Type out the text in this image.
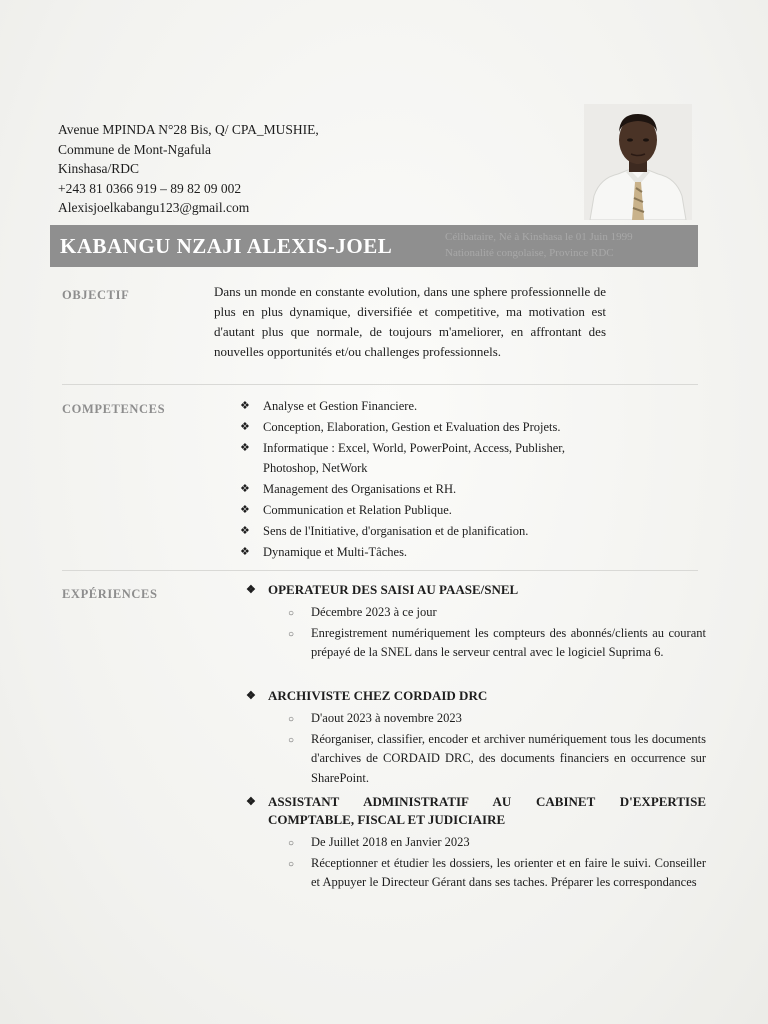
Avenue MPINDA N°28 Bis, Q/ CPA_MUSHIE,
Commune de Mont-Ngafula
Kinshasa/RDC
+243 81 0366 919 – 89 82 09 002
Alexisjoelkabangu123@gmail.com
KABANGU NZAJI ALEXIS-JOEL	Célibataire, Né à Kinshasa le 01 Juin 1999
Nationalité congolaise, Province RDC
OBJECTIF	Dans un monde en constante evolution, dans une sphere professionnelle de plus en plus dynamique, diversifiée et competitive, ma motivation est d'autant plus que normale, de toujours m'ameliorer, en affrontant des nouvelles opportunités et/ou challenges professionnels.
COMPETENCES	❖ Analyse et Gestion Financiere.
❖ Conception, Elaboration, Gestion et Evaluation des Projets.
❖ Informatique : Excel, World, PowerPoint, Access, Publisher, Photoshop, NetWork
❖ Management des Organisations et RH.
❖ Communication et Relation Publique.
❖ Sens de l'Initiative, d'organisation et de planification.
❖ Dynamique et Multi-Tâches.
EXPÉRIENCES	❖ OPERATEUR DES SAISI AU PAASE/SNEL
○ Décembre 2023 à ce jour
○ Enregistrement numériquement les compteurs des abonnés/clients au courant prépayé de la SNEL dans le serveur central avec le logiciel Suprima 6.
❖ ARCHIVISTE CHEZ CORDAID DRC
○ D'aout 2023 à novembre 2023
○ Réorganiser, classifier, encoder et archiver numériquement tous les documents d'archives de CORDAID DRC, des documents financiers en occurrence sur SharePoint.
❖ ASSISTANT ADMINISTRATIF AU CABINET D'EXPERTISE COMPTABLE, FISCAL ET JUDICIAIRE
○ De Juillet 2018 en Janvier 2023
○ Réceptionner et étudier les dossiers, les orienter et en faire le suivi. Conseiller et Appuyer le Directeur Gérant dans ses taches. Préparer les correspondances
